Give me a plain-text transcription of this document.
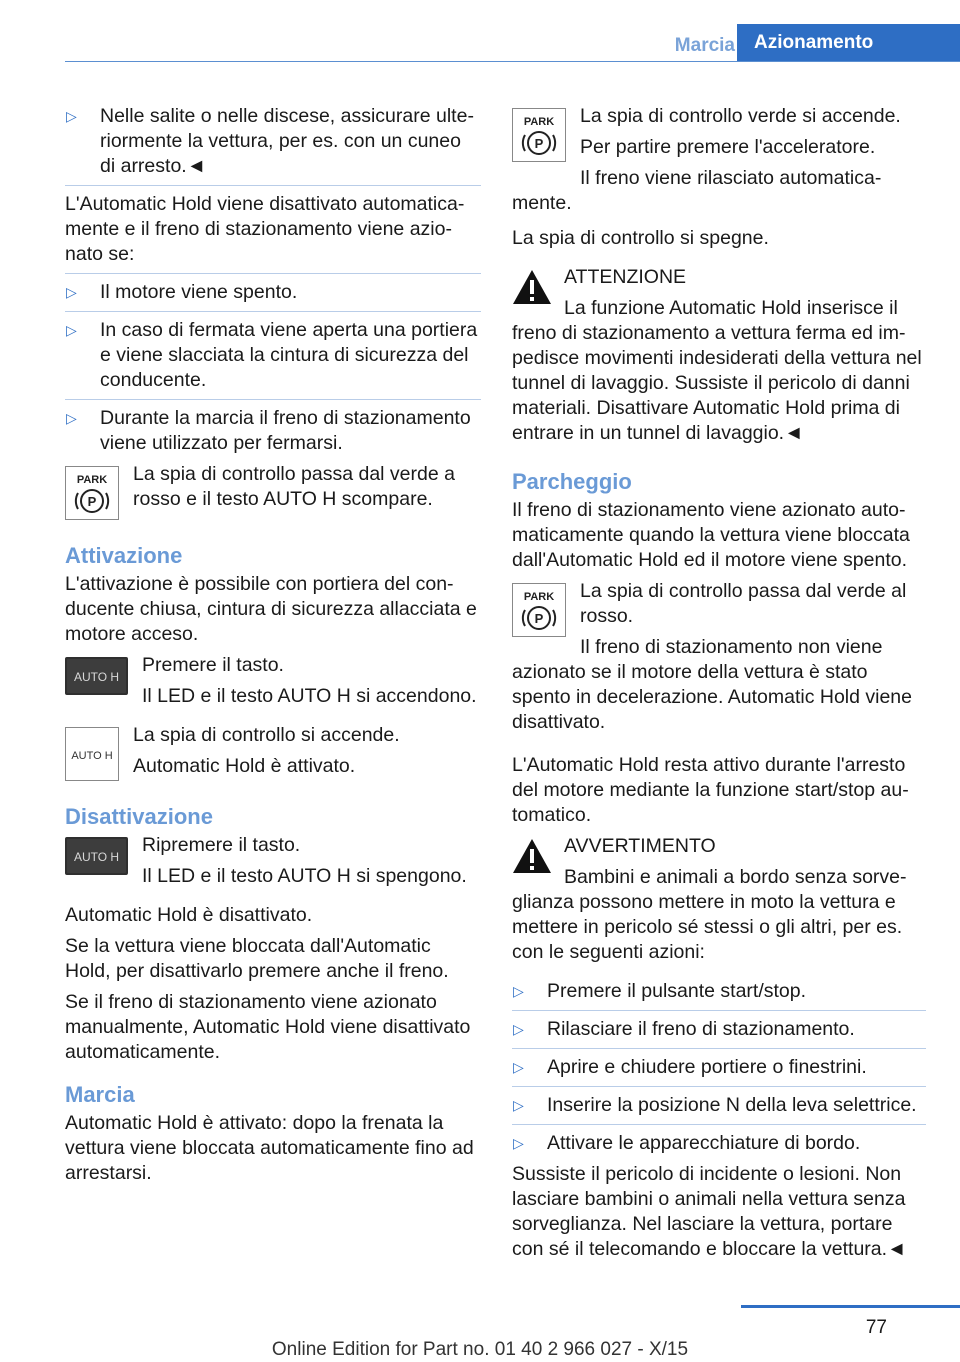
Marcia	Azionamento
▷	Nelle salite o nelle discese, assicurare ulteriormente la vettura, per es. con un cuneo di arresto.◄

L'Automatic Hold viene disattivato automaticamente e il freno di stazionamento viene azionato se:

▷	Il motore viene spento.
▷	In caso di fermata viene aperta una portiera e viene slacciata la cintura di sicurezza del conducente.
▷	Durante la marcia il freno di stazionamento viene utilizzato per fermarsi.
PARK
P

La spia di controllo passa dal verde a rosso e il testo AUTO H scompare.

Attivazione

L'attivazione è possibile con portiera del conducente chiusa, cintura di sicurezza allacciata e motore acceso.

AUTO H

Premere il tasto.

Il LED e il testo AUTO H si accendono.

AUTO H

La spia di controllo si accende.

Automatic Hold è attivato.

Disattivazione
AUTO H

Ripremere il tasto.

Il LED e il testo AUTO H si spengono.

Automatic Hold è disattivato.

Se la vettura viene bloccata dall'Automatic Hold, per disattivarlo premere anche il freno.

Se il freno di stazionamento viene azionato manualmente, Automatic Hold viene disattivato automaticamente.

Marcia

Automatic Hold è attivato: dopo la frenata la vettura viene bloccata automaticamente fino ad arrestarsi.

PARK
P

La spia di controllo verde si accende.

Per partire premere l'acceleratore.

Il freno viene rilasciato automaticamente.

La spia di controllo si spegne.

ATTENZIONE

La funzione Automatic Hold inserisce il freno di stazionamento a vettura ferma ed impedisce movimenti indesiderati della vettura nel tunnel di lavaggio. Sussiste il pericolo di danni materiali. Disattivare Automatic Hold prima di entrare in un tunnel di lavaggio.◄

Parcheggio

Il freno di stazionamento viene azionato automaticamente quando la vettura viene bloccata dall'Automatic Hold ed il motore viene spento.

PARK
P

La spia di controllo passa dal verde al rosso.

Il freno di stazionamento non viene azionato se il motore della vettura è stato spento in decelerazione. Automatic Hold viene disattivato.

L'Automatic Hold resta attivo durante l'arresto del motore mediante la funzione start/stop automatico.

AVVERTIMENTO

Bambini e animali a bordo senza sorveglianza possono mettere in moto la vettura e mettere in pericolo sé stessi o gli altri, per es. con le seguenti azioni:

▷	Premere il pulsante start/stop.
▷	Rilasciare il freno di stazionamento.
▷	Aprire e chiudere portiere o finestrini.
▷	Inserire la posizione N della leva selettrice.
▷	Attivare le apparecchiature di bordo.

Sussiste il pericolo di incidente o lesioni. Non lasciare bambini o animali nella vettura senza sorveglianza. Nel lasciare la vettura, portare con sé il telecomando e bloccare la vettura.◄

77
Online Edition for Part no. 01 40 2 966 027 - X/15
